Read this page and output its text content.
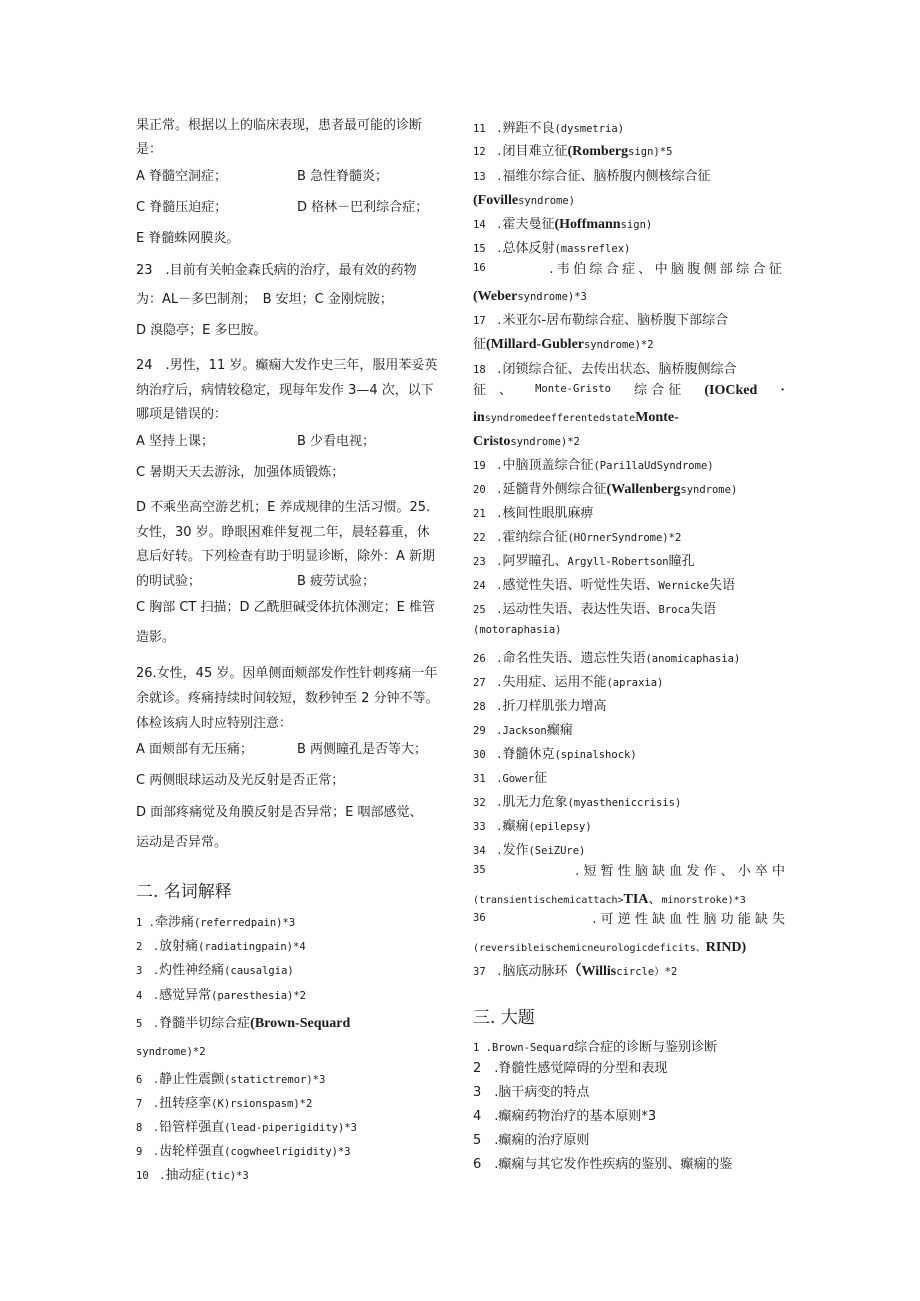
果正常。根据以上的临床表现，患者最可能的诊断
是：
A 脊髓空洞症；	B 急性脊髓炎；
C 脊髓压迫症；	D 格林－巴利综合症；
E 脊髓蛛网膜炎。
23　.目前有关帕金森氏病的治疗，最有效的药物
为：AL－多巴制剂；　B 安坦；C 金刚烷胺；
D 溴隐亭；E 多巴胺。
24　.男性，11 岁。癫痫大发作史三年，服用苯妥英
纳治疗后，病情较稳定，现每年发作 3—4 次，以下
哪项是错误的：
A 坚持上课；	B 少看电视；
C 暑期天天去游泳，加强体质锻炼；
D 不乘坐高空游艺机；E 养成规律的生活习惯。25.
女性，30 岁。睁眼困难伴复视二年，晨轻暮重，休
息后好转。下列检查有助于明显诊断，除外：A 新期
的明试验；	B 疲劳试验；
C 胸部 CT 扫描；D 乙酰胆碱受体抗体测定；E 椎管
造影。
26.女性，45 岁。因单侧面颊部发作性针刺疼痛一年
余就诊。疼痛持续时间较短，数秒钟至 2 分钟不等。
体检该病人时应特别注意：
A 面颊部有无压痛；	B 两侧瞳孔是否等大；
C 两侧眼球运动及光反射是否正常；
D 面部疼痛觉及角膜反射是否异常；E 咽部感觉、
运动是否异常。
二. 名词解释
1 .牵涉痛(referredpain)*3
2　.放射痛(radiatingpain)*4
3　.灼性神经痛(causalgia)
4　.感觉异常(paresthesia)*2
5　.脊髓半切综合症(Brown-Sequard
syndrome)*2
6　.静止性震颤(statictremor)*3
7　.扭转痉挛(K)rsionspasm)*2
8　.铅管样强直(lead-piperigidity)*3
9　.齿轮样强直(cogwheelrigidity)*3
10　.抽动症(tic)*3
11　.辨距不良(dysmetria)
12　.闭目难立征(Rombergsign)*5
13　.福维尔综合征、脑桥腹内侧核综合征
(Fovillesyndrome)
14　.霍夫曼征(Hoffmannsign)
15　.总体反射(massreflex)
16	.韦伯综合症、中脑腹侧部综合征
(Webersyndrome)*3
17　.米亚尔-居布勒综合症、脑桥腹下部综合
征(Millard-Gublersyndrome)*2
18　.闭锁综合征、去传出状态、脑桥腹侧综合
征　、 Monte-Gristo 综 合 征 (IOCked ·
insyndromedeefferentedstateMonte-
Cristosyndrome)*2
19　.中脑顶盖综合征(Pari1laUdSyndrome)
20　.延髓背外侧综合征(Wallenbergsyndrome)
21　.核间性眼肌麻痹
22　.霍纳综合征(HOrnerSyndrome)*2
23　.阿罗瞳孔、Argyll-Robertson瞳孔
24　.感觉性失语、听觉性失语、Wernicke失语
25　.运动性失语、表达性失语、Broca失语
(motoraphasia)
26　.命名性失语、遗忘性失语(anomicaphasia)
27　.失用症、运用不能(apraxia)
28　.折刀样肌张力增高
29　.Jackson癫痫
30　.脊髓休克(spinalshock)
31　.Gower征
32　.肌无力危象(myastheniccrisis)
33　.癫痫(epilepsy)
34　.发作(SeiZUre)
35	. 短 暂 性 脑 缺 血 发 作 、 小 卒 中
(transientischemicattach>TIA、minorstroke)*3
36	. 可 逆 性 缺 血 性 脑 功 能 缺 失
(reversibleischemicneurologicdeficits、RIND)
37　.脑底动脉环（Williscircle）*2
三. 大题
1 .Brown-Sequard综合症的诊断与鉴别诊断
2　.脊髓性感觉障碍的分型和表现
3　.脑干病变的特点
4　.癫痫药物治疗的基本原则*3
5　.癫痫的治疗原则
6　.癫痫与其它发作性疾病的鉴别、癫痫的鉴
